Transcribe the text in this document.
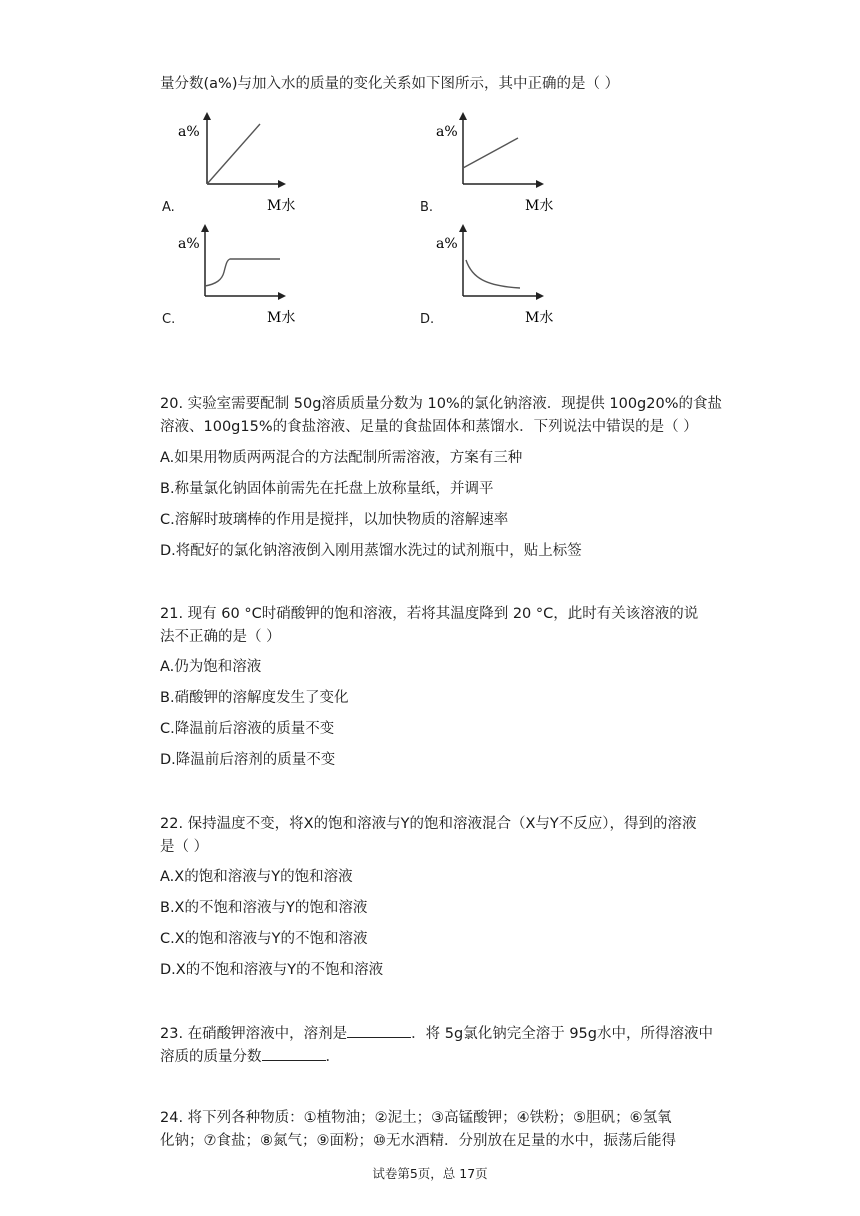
量分数(a%)与加入水的质量的变化关系如下图所示，其中正确的是（ ）
a%
M水
A.
a%
M水
B.
a%
M水
C.
a%
M水
D.
20. 实验室需要配制 50g溶质质量分数为 10%的氯化钠溶液．现提供 100g20%的食盐
溶液、100g15%的食盐溶液、足量的食盐固体和蒸馏水．下列说法中错误的是（ ）
A.如果用物质两两混合的方法配制所需溶液，方案有三种
B.称量氯化钠固体前需先在托盘上放称量纸，并调平
C.溶解时玻璃棒的作用是搅拌，以加快物质的溶解速率
D.将配好的氯化钠溶液倒入刚用蒸馏水洗过的试剂瓶中，贴上标签
21. 现有 60 °C时硝酸钾的饱和溶液，若将其温度降到 20 °C，此时有关该溶液的说
法不正确的是（ ）
A.仍为饱和溶液
B.硝酸钾的溶解度发生了变化
C.降温前后溶液的质量不变
D.降温前后溶剂的质量不变
22. 保持温度不变，将X的饱和溶液与Y的饱和溶液混合（X与Y不反应），得到的溶液
是（ ）
A.X的饱和溶液与Y的饱和溶液
B.X的不饱和溶液与Y的饱和溶液
C.X的饱和溶液与Y的不饱和溶液
D.X的不饱和溶液与Y的不饱和溶液
23. 在硝酸钾溶液中，溶剂是	．将 5g氯化钠完全溶于 95g水中，所得溶液中
溶质的质量分数	．
24. 将下列各种物质：①植物油；②泥土；③高锰酸钾；④铁粉；⑤胆矾；⑥氢氧
化钠；⑦食盐；⑧氮气；⑨面粉；⑩无水酒精．分别放在足量的水中，振荡后能得
试卷第5页，总 17页
